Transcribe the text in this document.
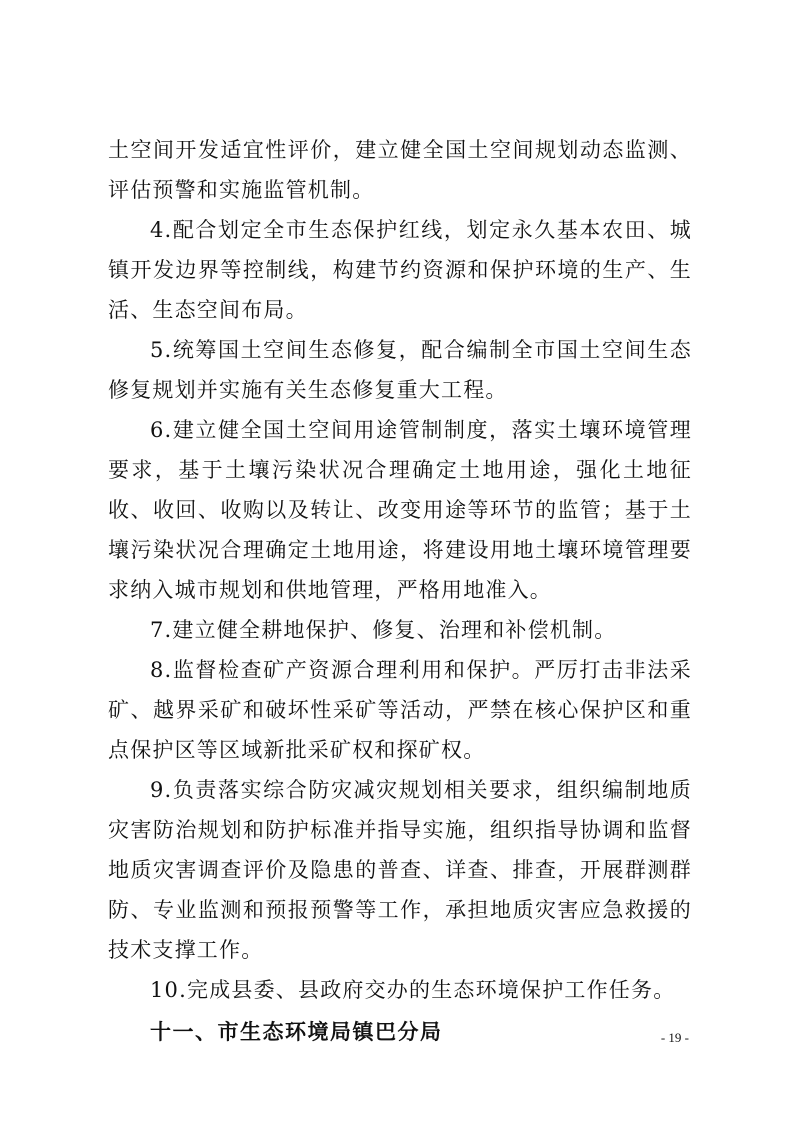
土空间开发适宜性评价，建立健全国土空间规划动态监测、评估预警和实施监管机制。

4.配合划定全市生态保护红线，划定永久基本农田、城镇开发边界等控制线，构建节约资源和保护环境的生产、生活、生态空间布局。

5.统筹国土空间生态修复，配合编制全市国土空间生态修复规划并实施有关生态修复重大工程。

6.建立健全国土空间用途管制制度，落实土壤环境管理要求，基于土壤污染状况合理确定土地用途，强化土地征收、收回、收购以及转让、改变用途等环节的监管；基于土壤污染状况合理确定土地用途，将建设用地土壤环境管理要求纳入城市规划和供地管理，严格用地准入。

7.建立健全耕地保护、修复、治理和补偿机制。

8.监督检查矿产资源合理利用和保护。严厉打击非法采矿、越界采矿和破坏性采矿等活动，严禁在核心保护区和重点保护区等区域新批采矿权和探矿权。

9.负责落实综合防灾减灾规划相关要求，组织编制地质灾害防治规划和防护标准并指导实施，组织指导协调和监督地质灾害调查评价及隐患的普查、详查、排查，开展群测群防、专业监测和预报预警等工作，承担地质灾害应急救援的技术支撑工作。

10.完成县委、县政府交办的生态环境保护工作任务。

十一、市生态环境局镇巴分局	- 19 -
